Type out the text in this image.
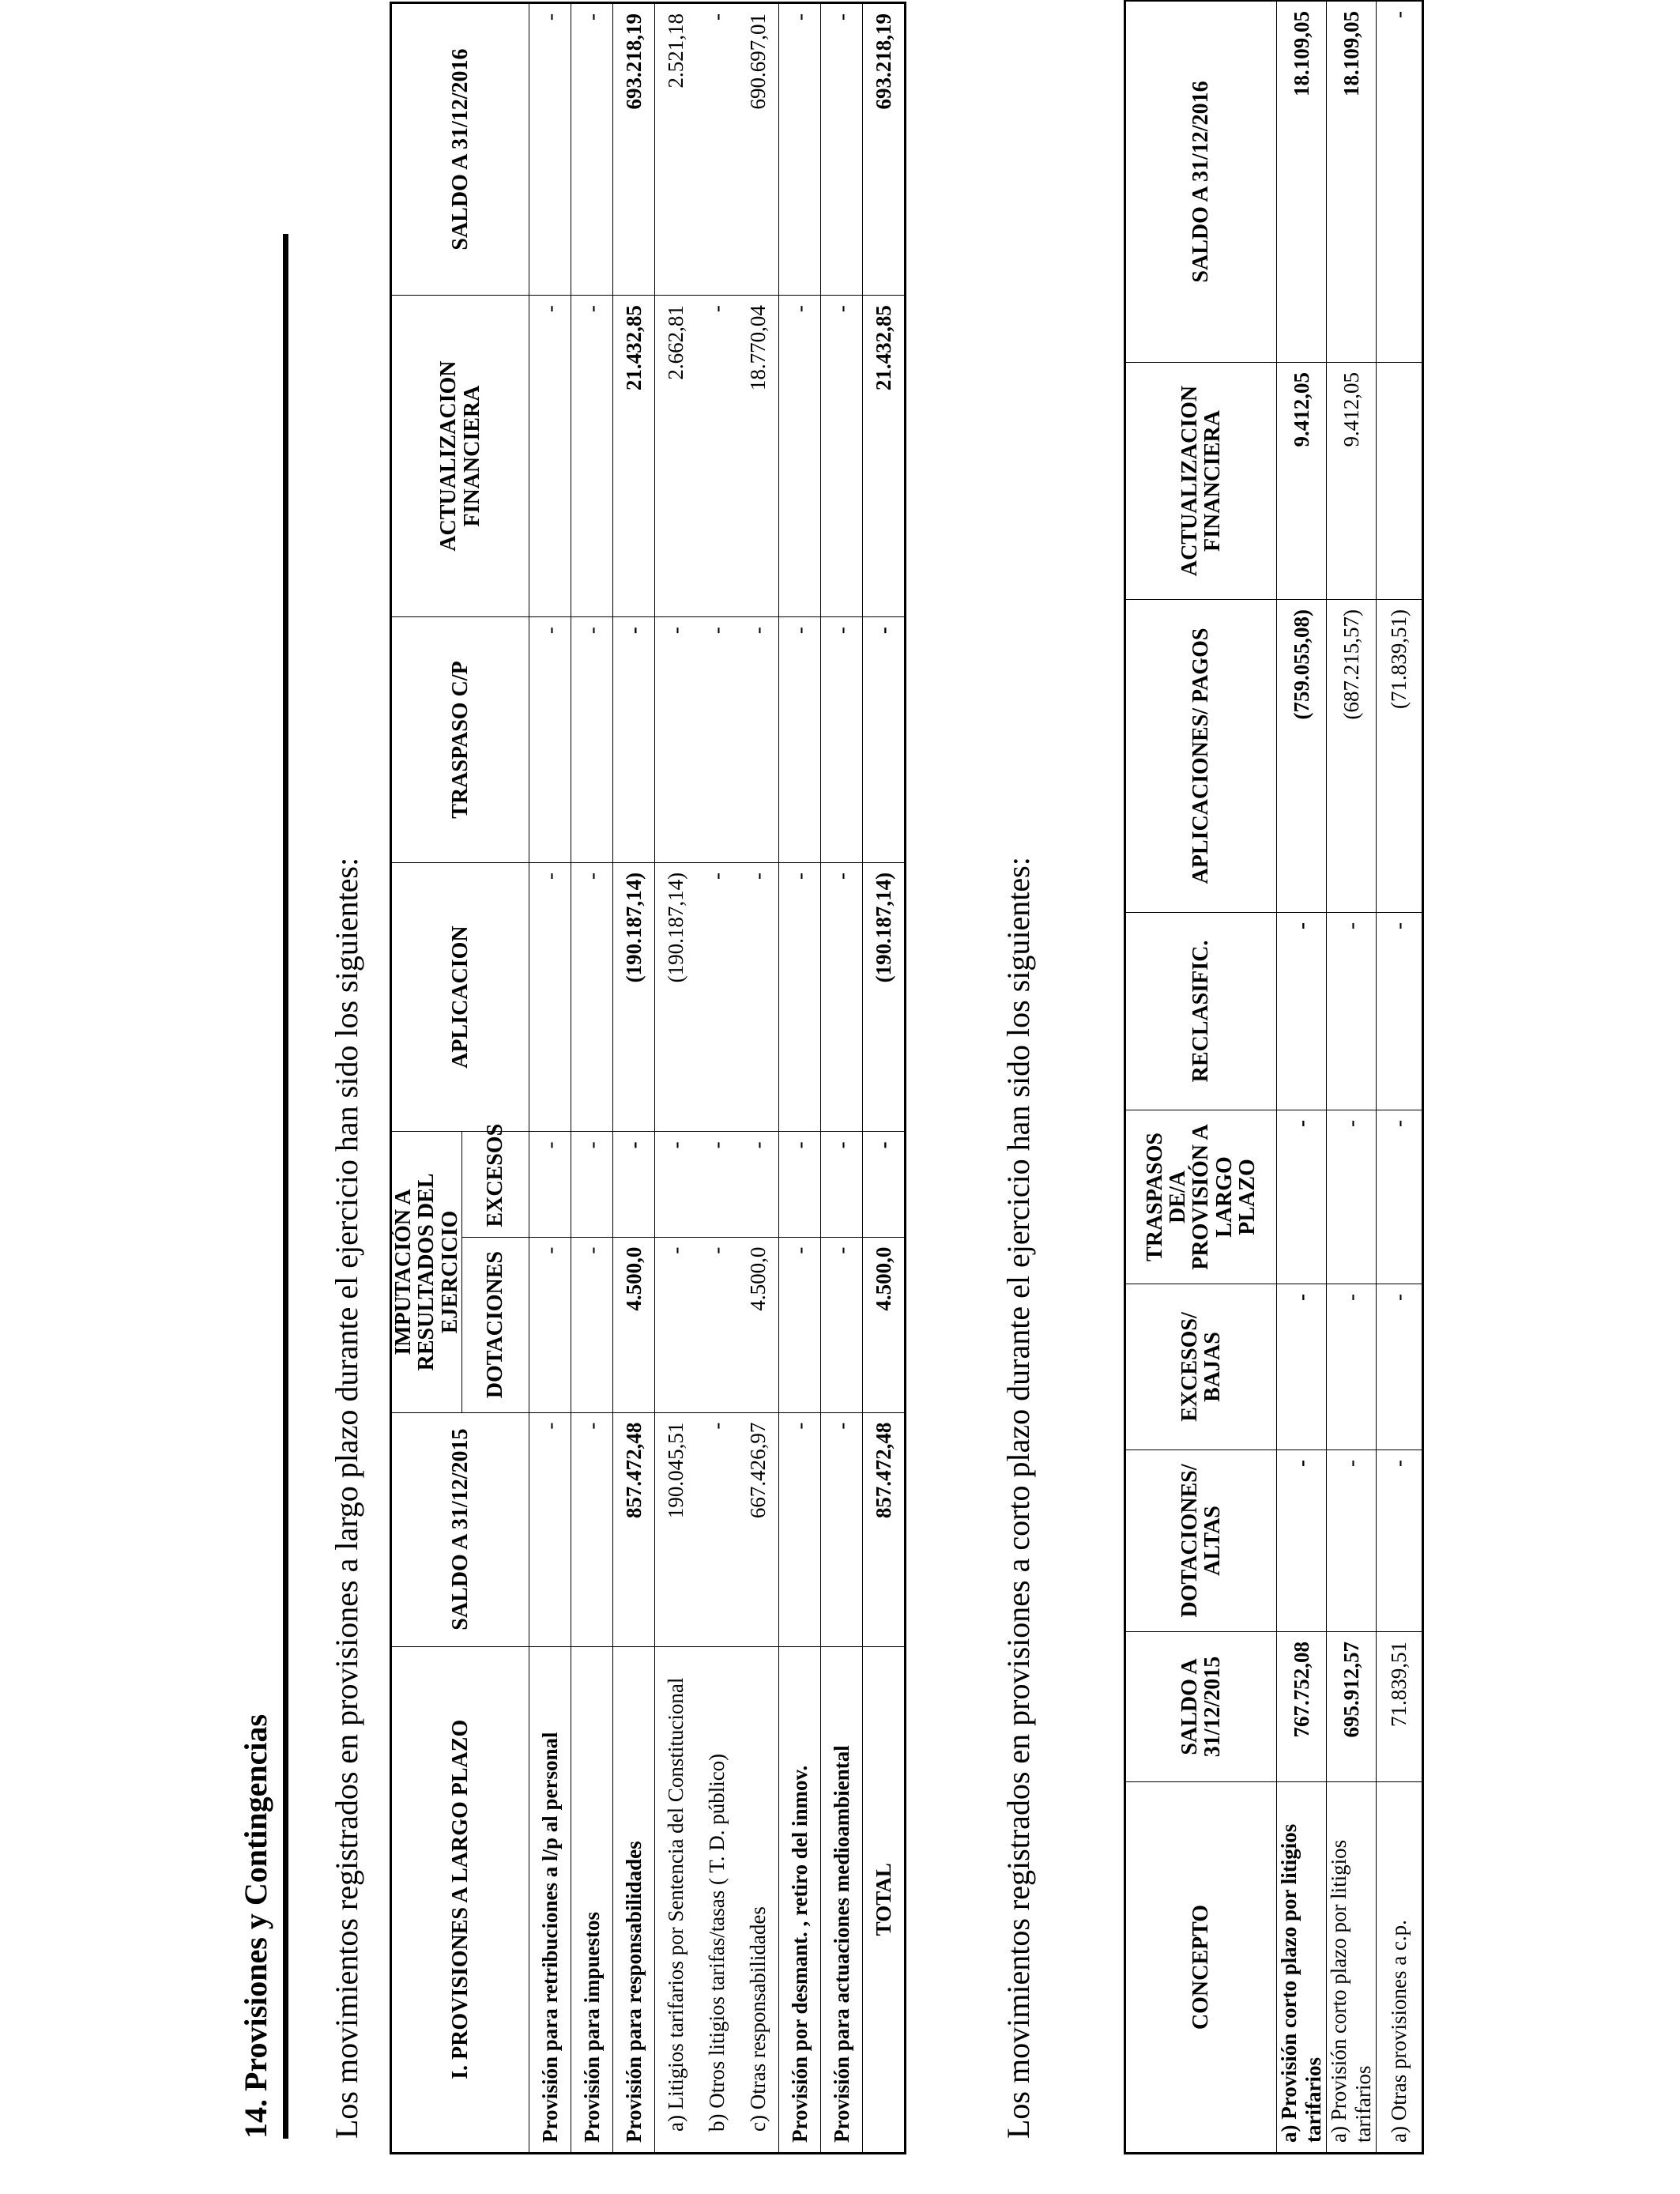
14. Provisiones y Contingencias Los movimientos registrados en provisiones a largo plazo durante el ejercicio han sido los siguientes:	I. PROVISIONES A LARGO PLAZO	SALDO A 31/12/2015	IMPUTACIÓN A RESULTADOS DEL EJERCICIO		APLICACION	TRASPASO C/P	ACTUALIZACION FINANCIERA	SALDO A 31/12/2016
		DOTACIONES	EXCESOS				
Provisión para retribuciones a l/p al personal	-	-	-	-	-	-	-
Provisión para impuestos	-	-	-	-	-	-	-
Provisión para responsabilidades	857.472,48	4.500,0	-	(190.187,14)	-	21.432,85	693.218,19
a) Litigios tarifarios por Sentencia del Constitucional	190.045,51	-	-	(190.187,14)	-	2.662,81	2.521,18
b) Otros litigios tarifas/tasas ( T. D. público)	-	-	-	-	-	-	-
c) Otras responsabilidades	667.426,97	4.500,0	-	-	-	18.770,04	690.697,01
Provisión por desmant. , retiro del inmov.	-	-	-	-	-	-	-
Provisión para actuaciones medioambiental	-	-	-	-	-	-	-
TOTAL	857.472,48	4.500,0	-	(190.187,14)	-	21.432,85	693.218,19
Los movimientos registrados en provisiones a corto plazo durante el ejercicio han sido los siguientes:	CONCEPTO	SALDO A 31/12/2015	DOTACIONES/ ALTAS	EXCESOS/ BAJAS	TRASPASOS DE/A PROVISIÓN A LARGO PLAZO	RECLASIFIC.	APLICACIONES/ PAGOS	ACTUALIZACION FINANCIERA	SALDO A 31/12/2016
a) Provisión corto plazo por litigios tarifarios	767.752,08	-	-	-	-	(759.055,08)	9.412,05	18.109,05
a) Provisión corto plazo por litigios tarifarios	695.912,57	-	-	-	-	(687.215,57)	9.412,05	18.109,05
a) Otras provisiones a c.p.	71.839,51	-	-	-	-	(71.839,51)		-
